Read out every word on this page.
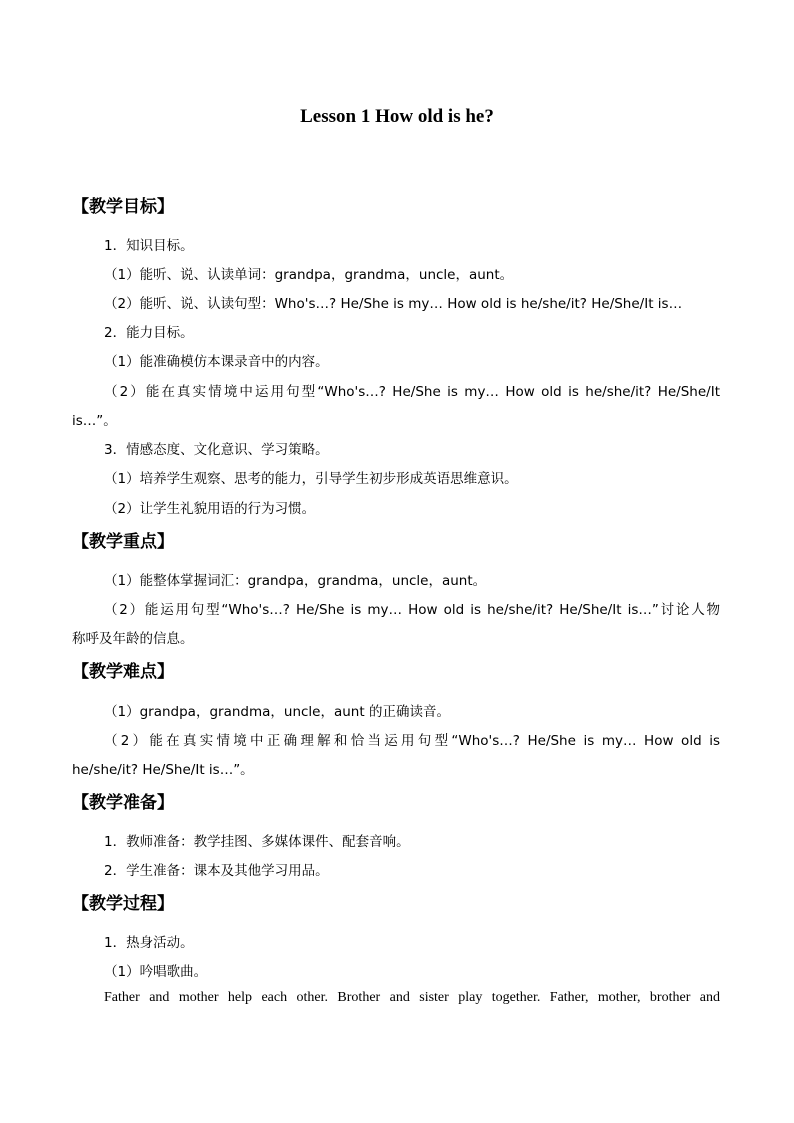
Lesson 1 How old is he?
【教学目标】
1．知识目标。
（1）能听、说、认读单词：grandpa，grandma，uncle，aunt。
（2）能听、说、认读句型：Who's…? He/She is my… How old is he/she/it? He/She/It is…
2．能力目标。
（1）能准确模仿本课录音中的内容。
（2）能在真实情境中运用句型“Who's…? He/She is my… How old is he/she/it? He/She/It
is…”。
3．情感态度、文化意识、学习策略。
（1）培养学生观察、思考的能力，引导学生初步形成英语思维意识。
（2）让学生礼貌用语的行为习惯。
【教学重点】
（1）能整体掌握词汇：grandpa，grandma，uncle，aunt。
（2）能运用句型“Who's…? He/She is my… How old is he/she/it? He/She/It is…”讨论人物
称呼及年龄的信息。
【教学难点】
（1）grandpa，grandma，uncle，aunt 的正确读音。
（2）能在真实情境中正确理解和恰当运用句型“Who's…? He/She is my… How old is
he/she/it? He/She/It is…”。
【教学准备】
1．教师准备：教学挂图、多媒体课件、配套音响。
2．学生准备：课本及其他学习用品。
【教学过程】
1．热身活动。
（1）吟唱歌曲。
Father and mother help each other. Brother and sister play together. Father, mother, brother and
